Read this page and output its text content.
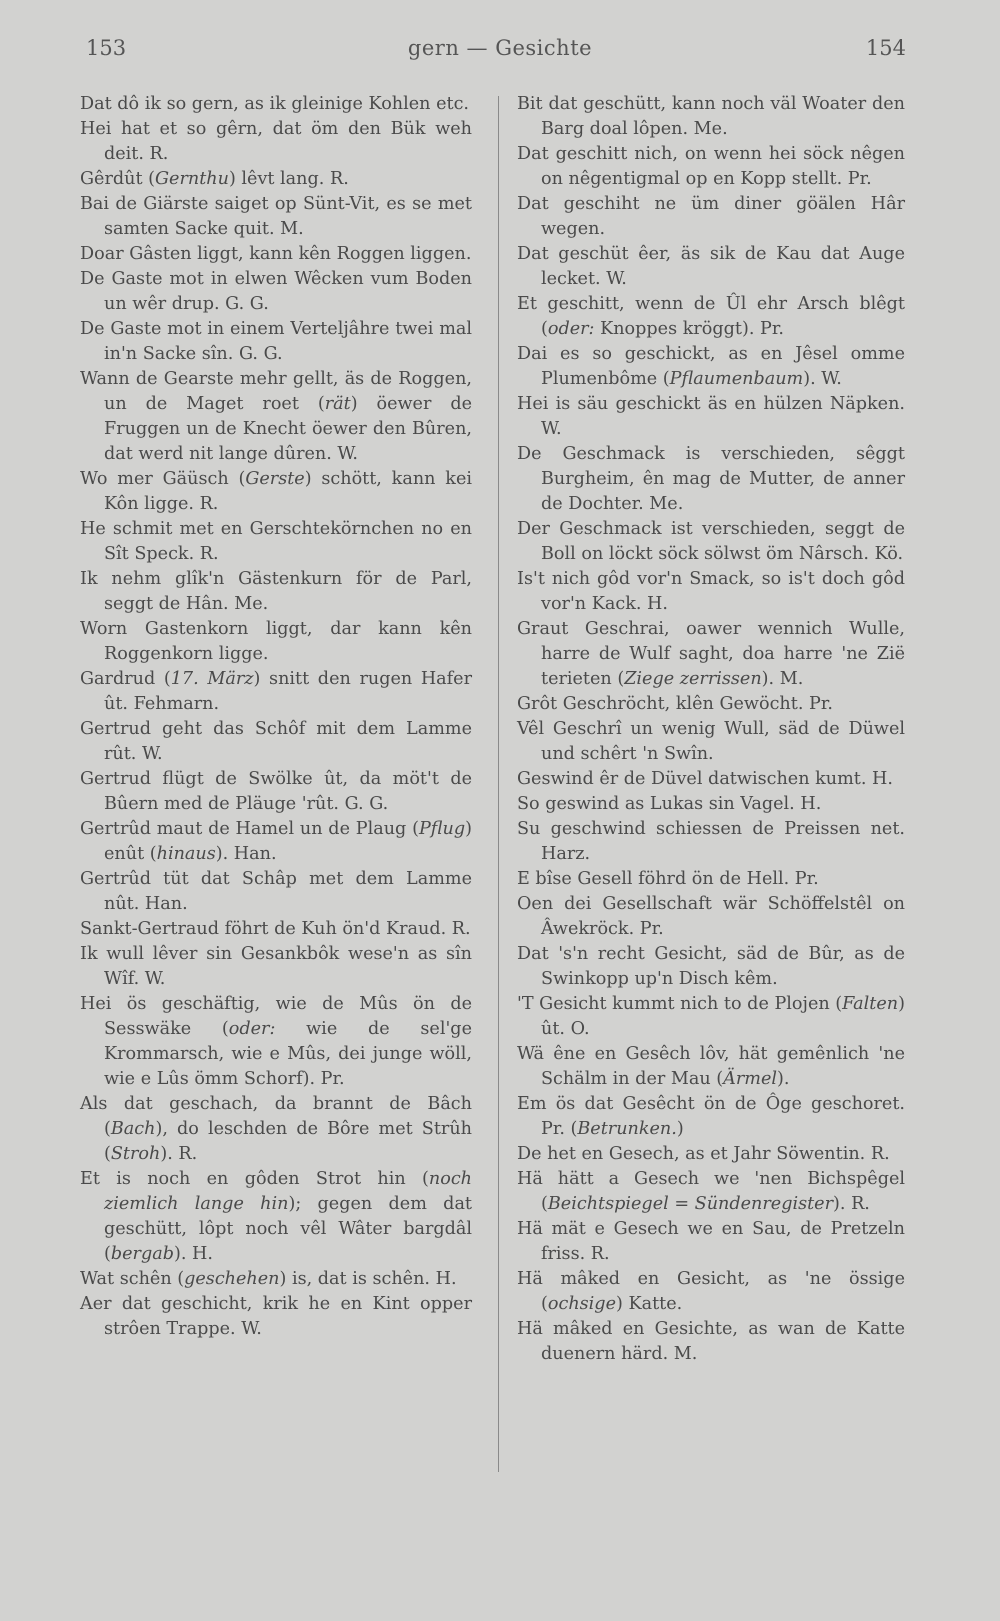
153	gern — Gesichte	154
Dat dô ik so gern, as ik gleinige Kohlen etc.
Hei hat et so gêrn, dat öm den Bük weh deit. R.
Gêrdût (Gernthu) lêvt lang. R.
Bai de Giärste saiget op Sünt-Vit, es se met samten Sacke quit. M.
Doar Gâsten liggt, kann kên Roggen liggen.
De Gaste mot in elwen Wêcken vum Boden un wêr drup. G. G.
De Gaste mot in einem Verteljâhre twei mal in'n Sacke sîn. G. G.
Wann de Gearste mehr gellt, äs de Roggen, un de Maget roet (rät) öewer de Fruggen un de Knecht öewer den Bûren, dat werd nit lange dûren. W.
Wo mer Gäüsch (Gerste) schött, kann kei Kôn ligge. R.
He schmit met en Gerschtekörnchen no en Sît Speck. R.
Ik nehm glîk'n Gästenkurn för de Parl, seggt de Hân. Me.
Worn Gastenkorn liggt, dar kann kên Roggenkorn ligge.
Gardrud (17. März) snitt den rugen Hafer ût. Fehmarn.
Gertrud geht das Schôf mit dem Lamme rût. W.
Gertrud flügt de Swölke ût, da möt't de Bûern med de Pläuge 'rût. G. G.
Gertrûd maut de Hamel un de Plaug (Pflug) enût (hinaus). Han.
Gertrûd tüt dat Schâp met dem Lamme nût. Han.
Sankt-Gertraud föhrt de Kuh ön'd Kraud. R.
Ik wull lêver sin Gesankbôk wese'n as sîn Wîf. W.
Hei ös geschäftig, wie de Mûs ön de Sesswäke (oder: wie de sel'ge Krommarsch, wie e Mûs, dei junge wöll, wie e Lûs ömm Schorf). Pr.
Als dat geschach, da brannt de Bâch (Bach), do leschden de Bôre met Strûh (Stroh). R.
Et is noch en gôden Strot hin (noch ziemlich lange hin); gegen dem dat geschütt, lôpt noch vêl Wâter bargdâl (bergab). H.
Wat schên (geschehen) is, dat is schên. H.
Aer dat geschicht, krik he en Kint opper strôen Trappe. W.
Bit dat geschütt, kann noch väl Woater den Barg doal lôpen. Me.
Dat geschitt nich, on wenn hei söck nêgen on nêgentigmal op en Kopp stellt. Pr.
Dat geschiht ne üm diner göälen Hâr wegen.
Dat geschüt êer, äs sik de Kau dat Auge lecket. W.
Et geschitt, wenn de Ûl ehr Arsch blêgt (oder: Knoppes kröggt). Pr.
Dai es so geschickt, as en Jêsel omme Plumenbôme (Pflaumenbaum). W.
Hei is säu geschickt äs en hülzen Näpken. W.
De Geschmack is verschieden, sêggt Burgheim, ên mag de Mutter, de anner de Dochter. Me.
Der Geschmack ist verschieden, seggt de Boll on löckt söck sölwst öm Nârsch. Kö.
Is't nich gôd vor'n Smack, so is't doch gôd vor'n Kack. H.
Graut Geschrai, oawer wennich Wulle, harre de Wulf saght, doa harre 'ne Zië terieten (Ziege zerrissen). M.
Grôt Geschröcht, klên Gewöcht. Pr.
Vêl Geschrî un wenig Wull, säd de Düwel und schêrt 'n Swîn.
Geswind êr de Düvel datwischen kumt. H.
So geswind as Lukas sin Vagel. H.
Su geschwind schiessen de Preissen net. Harz.
E bîse Gesell föhrd ön de Hell. Pr.
Oen dei Gesellschaft wär Schöffelstêl on Âwekröck. Pr.
Dat 's'n recht Gesicht, säd de Bûr, as de Swinkopp up'n Disch kêm.
'T Gesicht kummt nich to de Plojen (Falten) ût. O.
Wä êne en Gesêch lôv, hät gemênlich 'ne Schälm in der Mau (Ärmel).
Em ös dat Gesêcht ön de Ôge geschoret. Pr. (Betrunken.)
De het en Gesech, as et Jahr Söwentin. R.
Hä hätt a Gesech we 'nen Bichspêgel (Beichtspiegel = Sündenregister). R.
Hä mät e Gesech we en Sau, de Pretzeln friss. R.
Hä mâked en Gesicht, as 'ne össige (ochsige) Katte.
Hä mâked en Gesichte, as wan de Katte duenern härd. M.
